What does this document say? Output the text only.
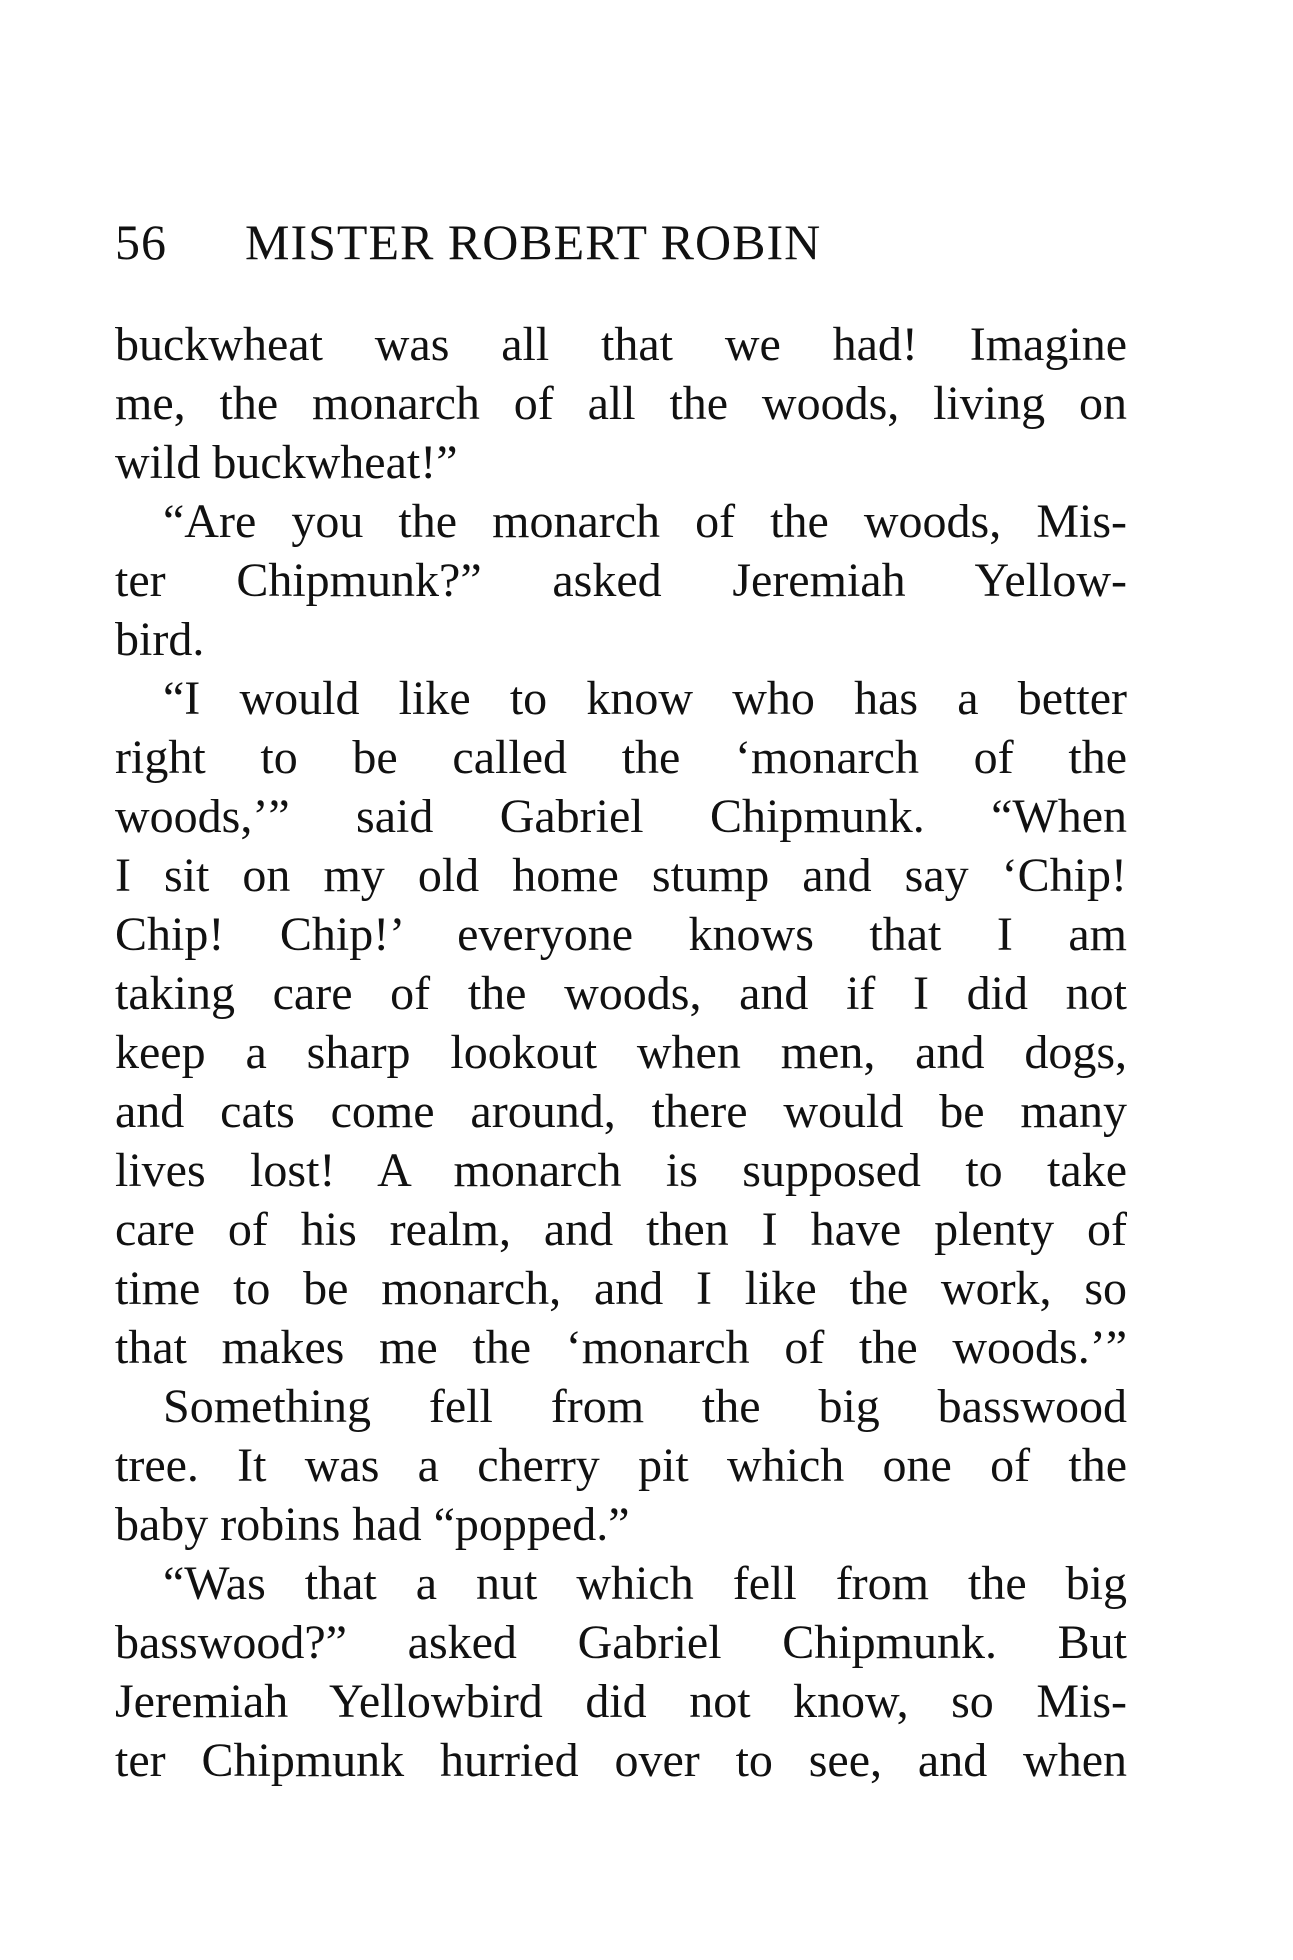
56 MISTER ROBERT ROBIN
buckwheat was all that we had! Imagine
me, the monarch of all the woods, living on
wild buckwheat!”
“Are you the monarch of the woods, Mis-
ter Chipmunk?” asked Jeremiah Yellow-
bird.
“I would like to know who has a better
right to be called the ‘monarch of the
woods,’” said Gabriel Chipmunk. “When
I sit on my old home stump and say ‘Chip!
Chip! Chip!’ everyone knows that I am
taking care of the woods, and if I did not
keep a sharp lookout when men, and dogs,
and cats come around, there would be many
lives lost! A monarch is supposed to take
care of his realm, and then I have plenty of
time to be monarch, and I like the work, so
that makes me the ‘monarch of the woods.’”
Something fell from the big basswood
tree. It was a cherry pit which one of the
baby robins had “popped.”
“Was that a nut which fell from the big
basswood?” asked Gabriel Chipmunk. But
Jeremiah Yellowbird did not know, so Mis-
ter Chipmunk hurried over to see, and when
